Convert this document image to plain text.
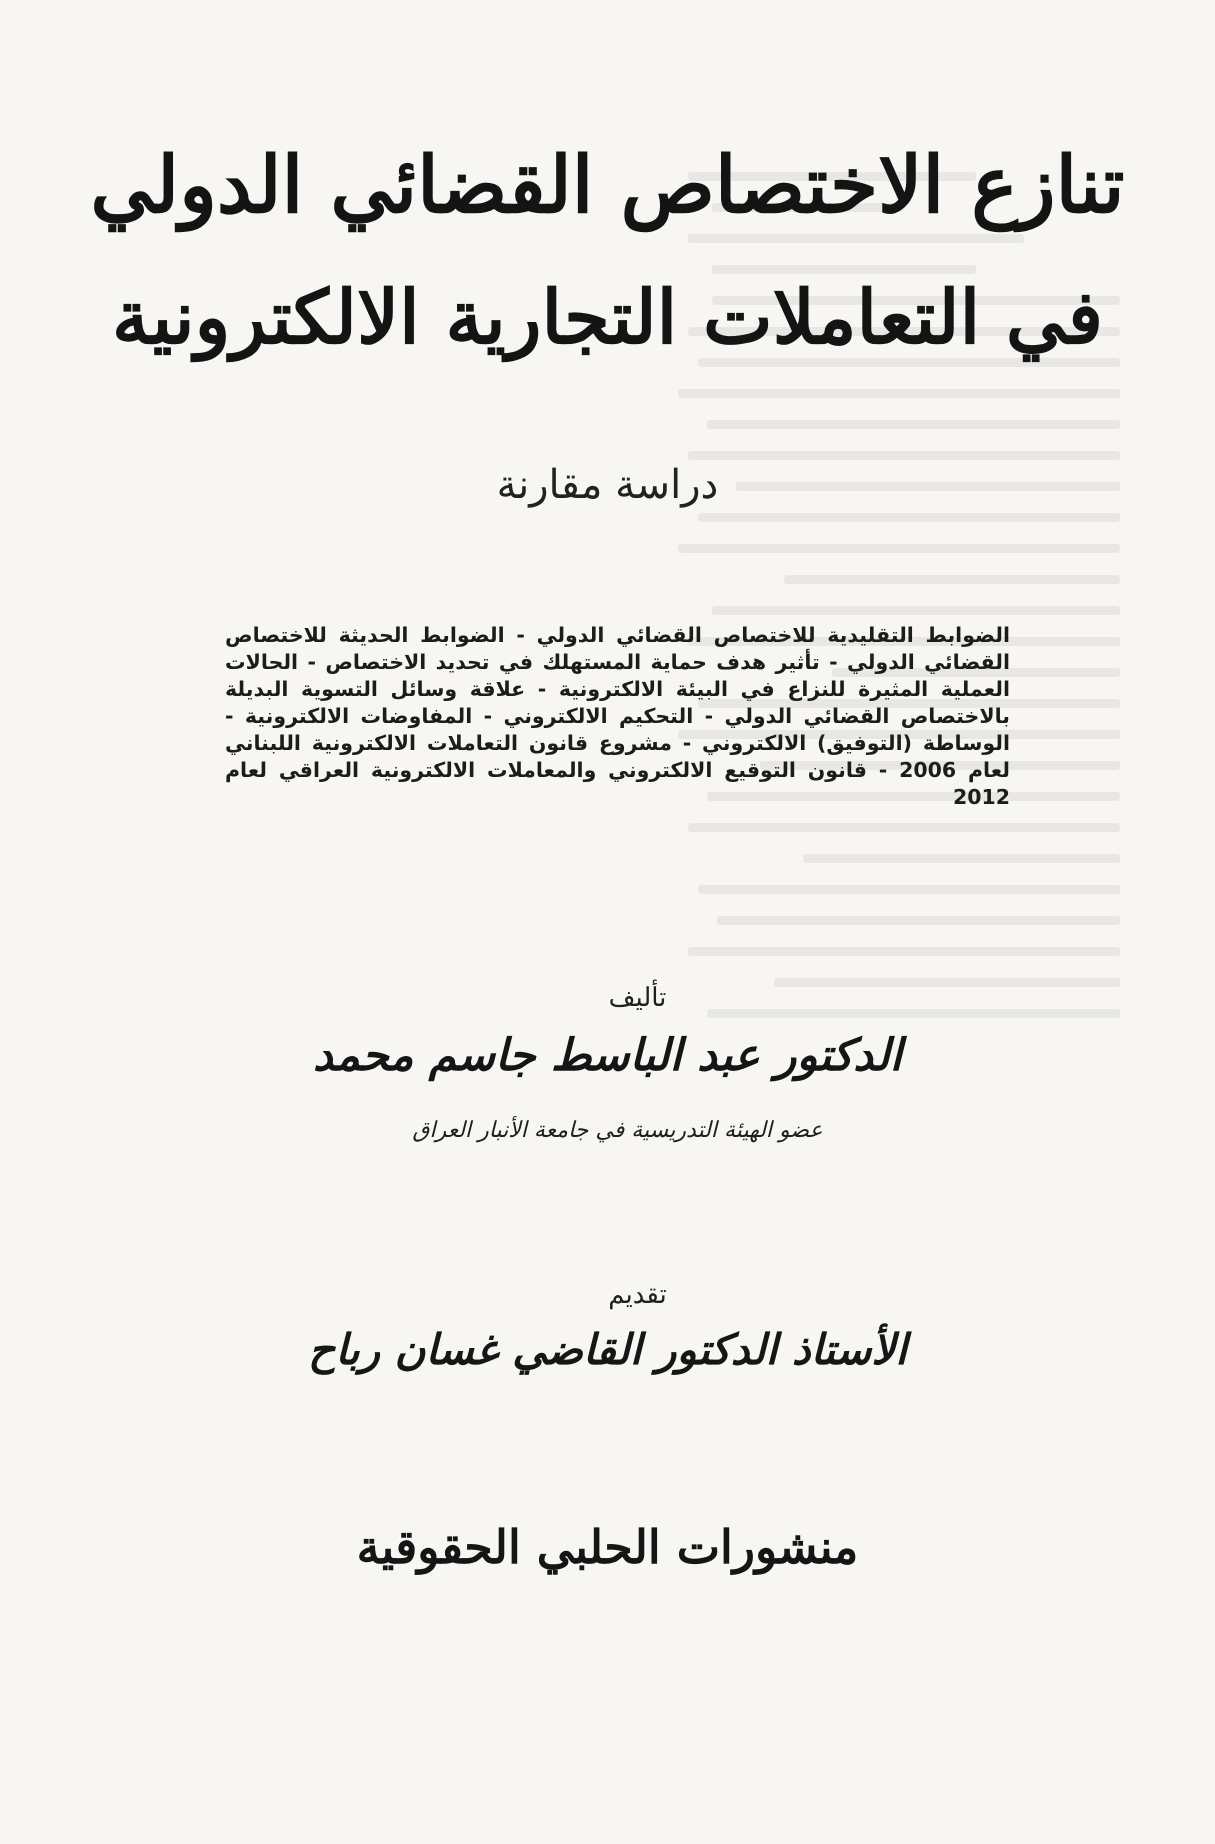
تنازع الاختصاص القضائي الدولي
في التعاملات التجارية الالكترونية
دراسة مقارنة
الضوابط التقليدية للاختصاص القضائي الدولي - الضوابط الحديثة للاختصاص القضائي الدولي - تأثير هدف حماية المستهلك في تحديد الاختصاص - الحالات العملية المثيرة للنزاع في البيئة الالكترونية - علاقة وسائل التسوية البديلة بالاختصاص القضائي الدولي - التحكيم الالكتروني - المفاوضات الالكترونية - الوساطة (التوفيق) الالكتروني - مشروع قانون التعاملات الالكترونية اللبناني لعام 2006 - قانون التوقيع الالكتروني والمعاملات الالكترونية العراقي لعام 2012
تأليف
الدكتور عبد الباسط جاسم محمد
عضو الهيئة التدريسية في جامعة الأنبار العراق
تقديم
الأستاذ الدكتور القاضي غسان رباح
منشورات الحلبي الحقوقية
